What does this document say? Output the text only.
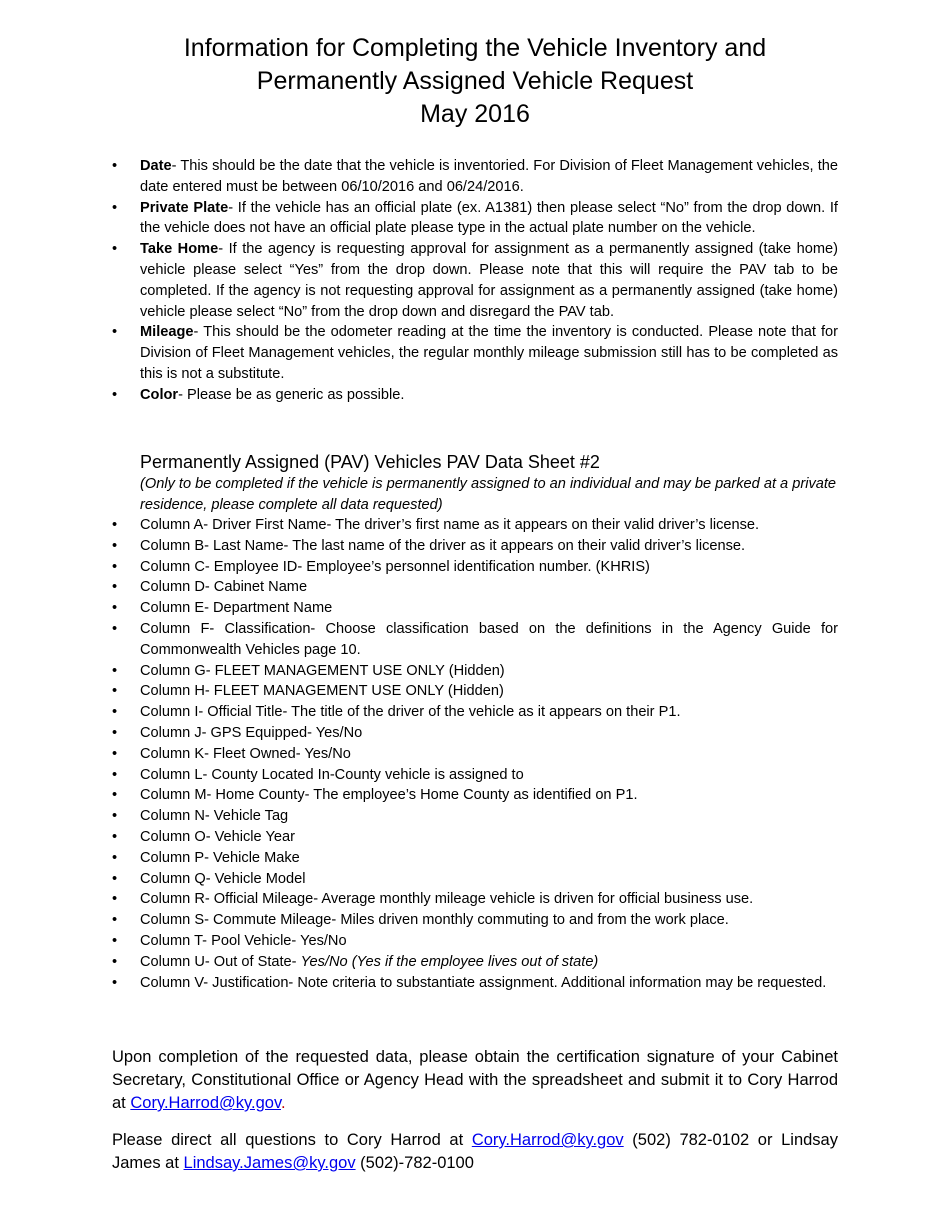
Information for Completing the Vehicle Inventory and
Permanently Assigned Vehicle Request
May 2016
•	Date- This should be the date that the vehicle is inventoried. For Division of Fleet Management vehicles, the date entered must be between 06/10/2016 and 06/24/2016.
•	Private Plate- If the vehicle has an official plate (ex. A1381) then please select “No” from the drop down. If the vehicle does not have an official plate please type in the actual plate number on the vehicle.
•	Take Home- If the agency is requesting approval for assignment as a permanently assigned (take home) vehicle please select “Yes” from the drop down. Please note that this will require the PAV tab to be completed. If the agency is not requesting approval for assignment as a permanently assigned (take home) vehicle please select “No” from the drop down and disregard the PAV tab.
•	Mileage- This should be the odometer reading at the time the inventory is conducted. Please note that for Division of Fleet Management vehicles, the regular monthly mileage submission still has to be completed as this is not a substitute.
•	Color- Please be as generic as possible.
Permanently Assigned (PAV) Vehicles PAV Data Sheet #2
(Only to be completed if the vehicle is permanently assigned to an individual and may be parked at a private residence, please complete all data requested)
•	Column A- Driver First Name- The driver’s first name as it appears on their valid driver’s license.
•	Column B- Last Name- The last name of the driver as it appears on their valid driver’s license.
•	Column C- Employee ID- Employee’s personnel identification number. (KHRIS)
•	Column D- Cabinet Name
•	Column E- Department Name
•	Column F- Classification- Choose classification based on the definitions in the Agency Guide for Commonwealth Vehicles page 10.
•	Column G- FLEET MANAGEMENT USE ONLY (Hidden)
•	Column H- FLEET MANAGEMENT USE ONLY (Hidden)
•	Column I- Official Title- The title of the driver of the vehicle as it appears on their P1.
•	Column J- GPS Equipped- Yes/No
•	Column K- Fleet Owned- Yes/No
•	Column L- County Located In-County vehicle is assigned to
•	Column M- Home County- The employee’s Home County as identified on P1.
•	Column N- Vehicle Tag
•	Column O- Vehicle Year
•	Column P- Vehicle Make
•	Column Q- Vehicle Model
•	Column R- Official Mileage- Average monthly mileage vehicle is driven for official business use.
•	Column S- Commute Mileage- Miles driven monthly commuting to and from the work place.
•	Column T- Pool Vehicle- Yes/No
•	Column U- Out of State- Yes/No (Yes if the employee lives out of state)
•	Column V- Justification- Note criteria to substantiate assignment. Additional information may be requested.
Upon completion of the requested data, please obtain the certification signature of your Cabinet Secretary, Constitutional Office or Agency Head with the spreadsheet and submit it to Cory Harrod at Cory.Harrod@ky.gov.
Please direct all questions to Cory Harrod at Cory.Harrod@ky.gov (502) 782-0102 or Lindsay James at Lindsay.James@ky.gov (502)-782-0100
